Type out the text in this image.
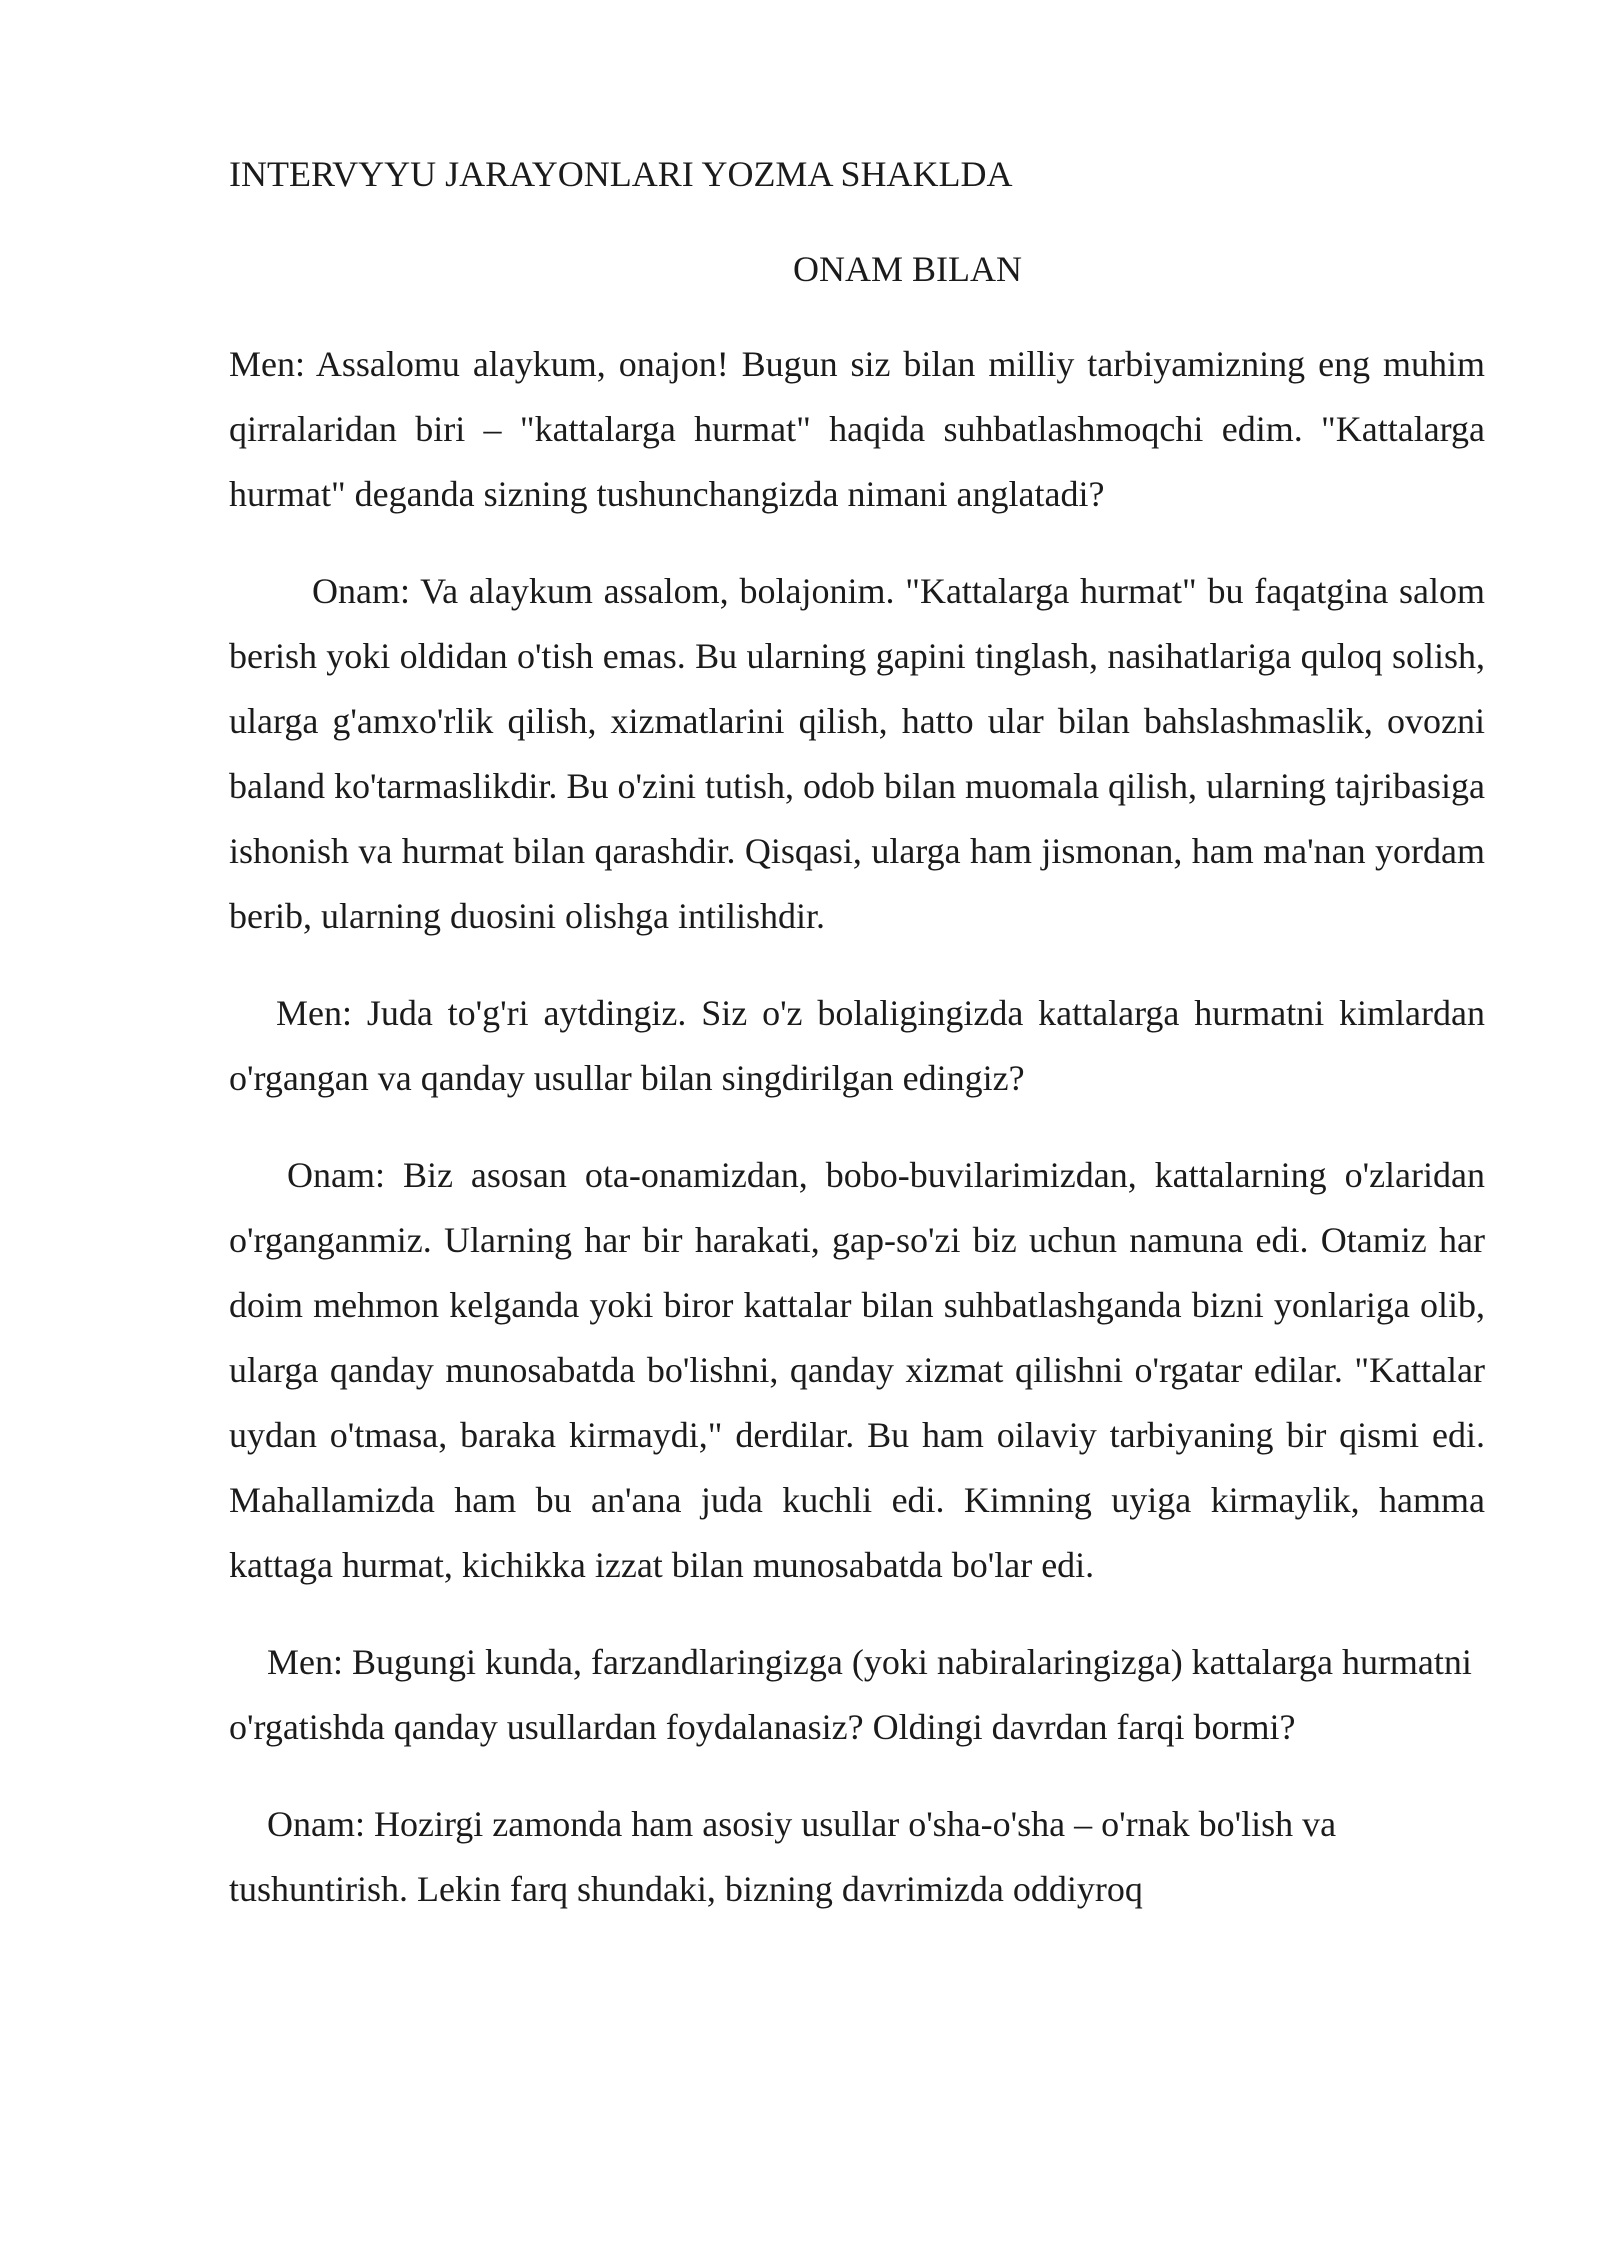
INTERVYYU JARAYONLARI YOZMA SHAKLDA
ONAM BILAN

Men: Assalomu alaykum, onajon! Bugun siz bilan milliy tarbiyamizning eng muhim qirralaridan biri – "kattalarga hurmat" haqida suhbatlashmoqchi edim. "Kattalarga hurmat" deganda sizning tushunchangizda nimani anglatadi?

Onam: Va alaykum assalom, bolajonim. "Kattalarga hurmat" bu faqatgina salom berish yoki oldidan o'tish emas. Bu ularning gapini tinglash, nasihatlariga quloq solish, ularga g'amxo'rlik qilish, xizmatlarini qilish, hatto ular bilan bahslashmaslik, ovozni baland ko'tarmaslikdir. Bu o'zini tutish, odob bilan muomala qilish, ularning tajribasiga ishonish va hurmat bilan qarashdir. Qisqasi, ularga ham jismonan, ham ma'nan yordam berib, ularning duosini olishga intilishdir.

Men: Juda to'g'ri aytdingiz. Siz o'z bolaligingizda kattalarga hurmatni kimlardan o'rgangan va qanday usullar bilan singdirilgan edingiz?

Onam: Biz asosan ota-onamizdan, bobo-buvilarimizdan, kattalarning o'zlaridan o'rganganmiz. Ularning har bir harakati, gap-so'zi biz uchun namuna edi. Otamiz har doim mehmon kelganda yoki biror kattalar bilan suhbatlashganda bizni yonlariga olib, ularga qanday munosabatda bo'lishni, qanday xizmat qilishni o'rgatar edilar. "Kattalar uydan o'tmasa, baraka kirmaydi," derdilar. Bu ham oilaviy tarbiyaning bir qismi edi. Mahallamizda ham bu an'ana juda kuchli edi. Kimning uyiga kirmaylik, hamma kattaga hurmat, kichikka izzat bilan munosabatda bo'lar edi.

Men: Bugungi kunda, farzandlaringizga (yoki nabiralaringizga) kattalarga hurmatni o'rgatishda qanday usullardan foydalanasiz? Oldingi davrdan farqi bormi?

Onam: Hozirgi zamonda ham asosiy usullar o'sha-o'sha – o'rnak bo'lish va tushuntirish. Lekin farq shundaki, bizning davrimizda oddiyroq
